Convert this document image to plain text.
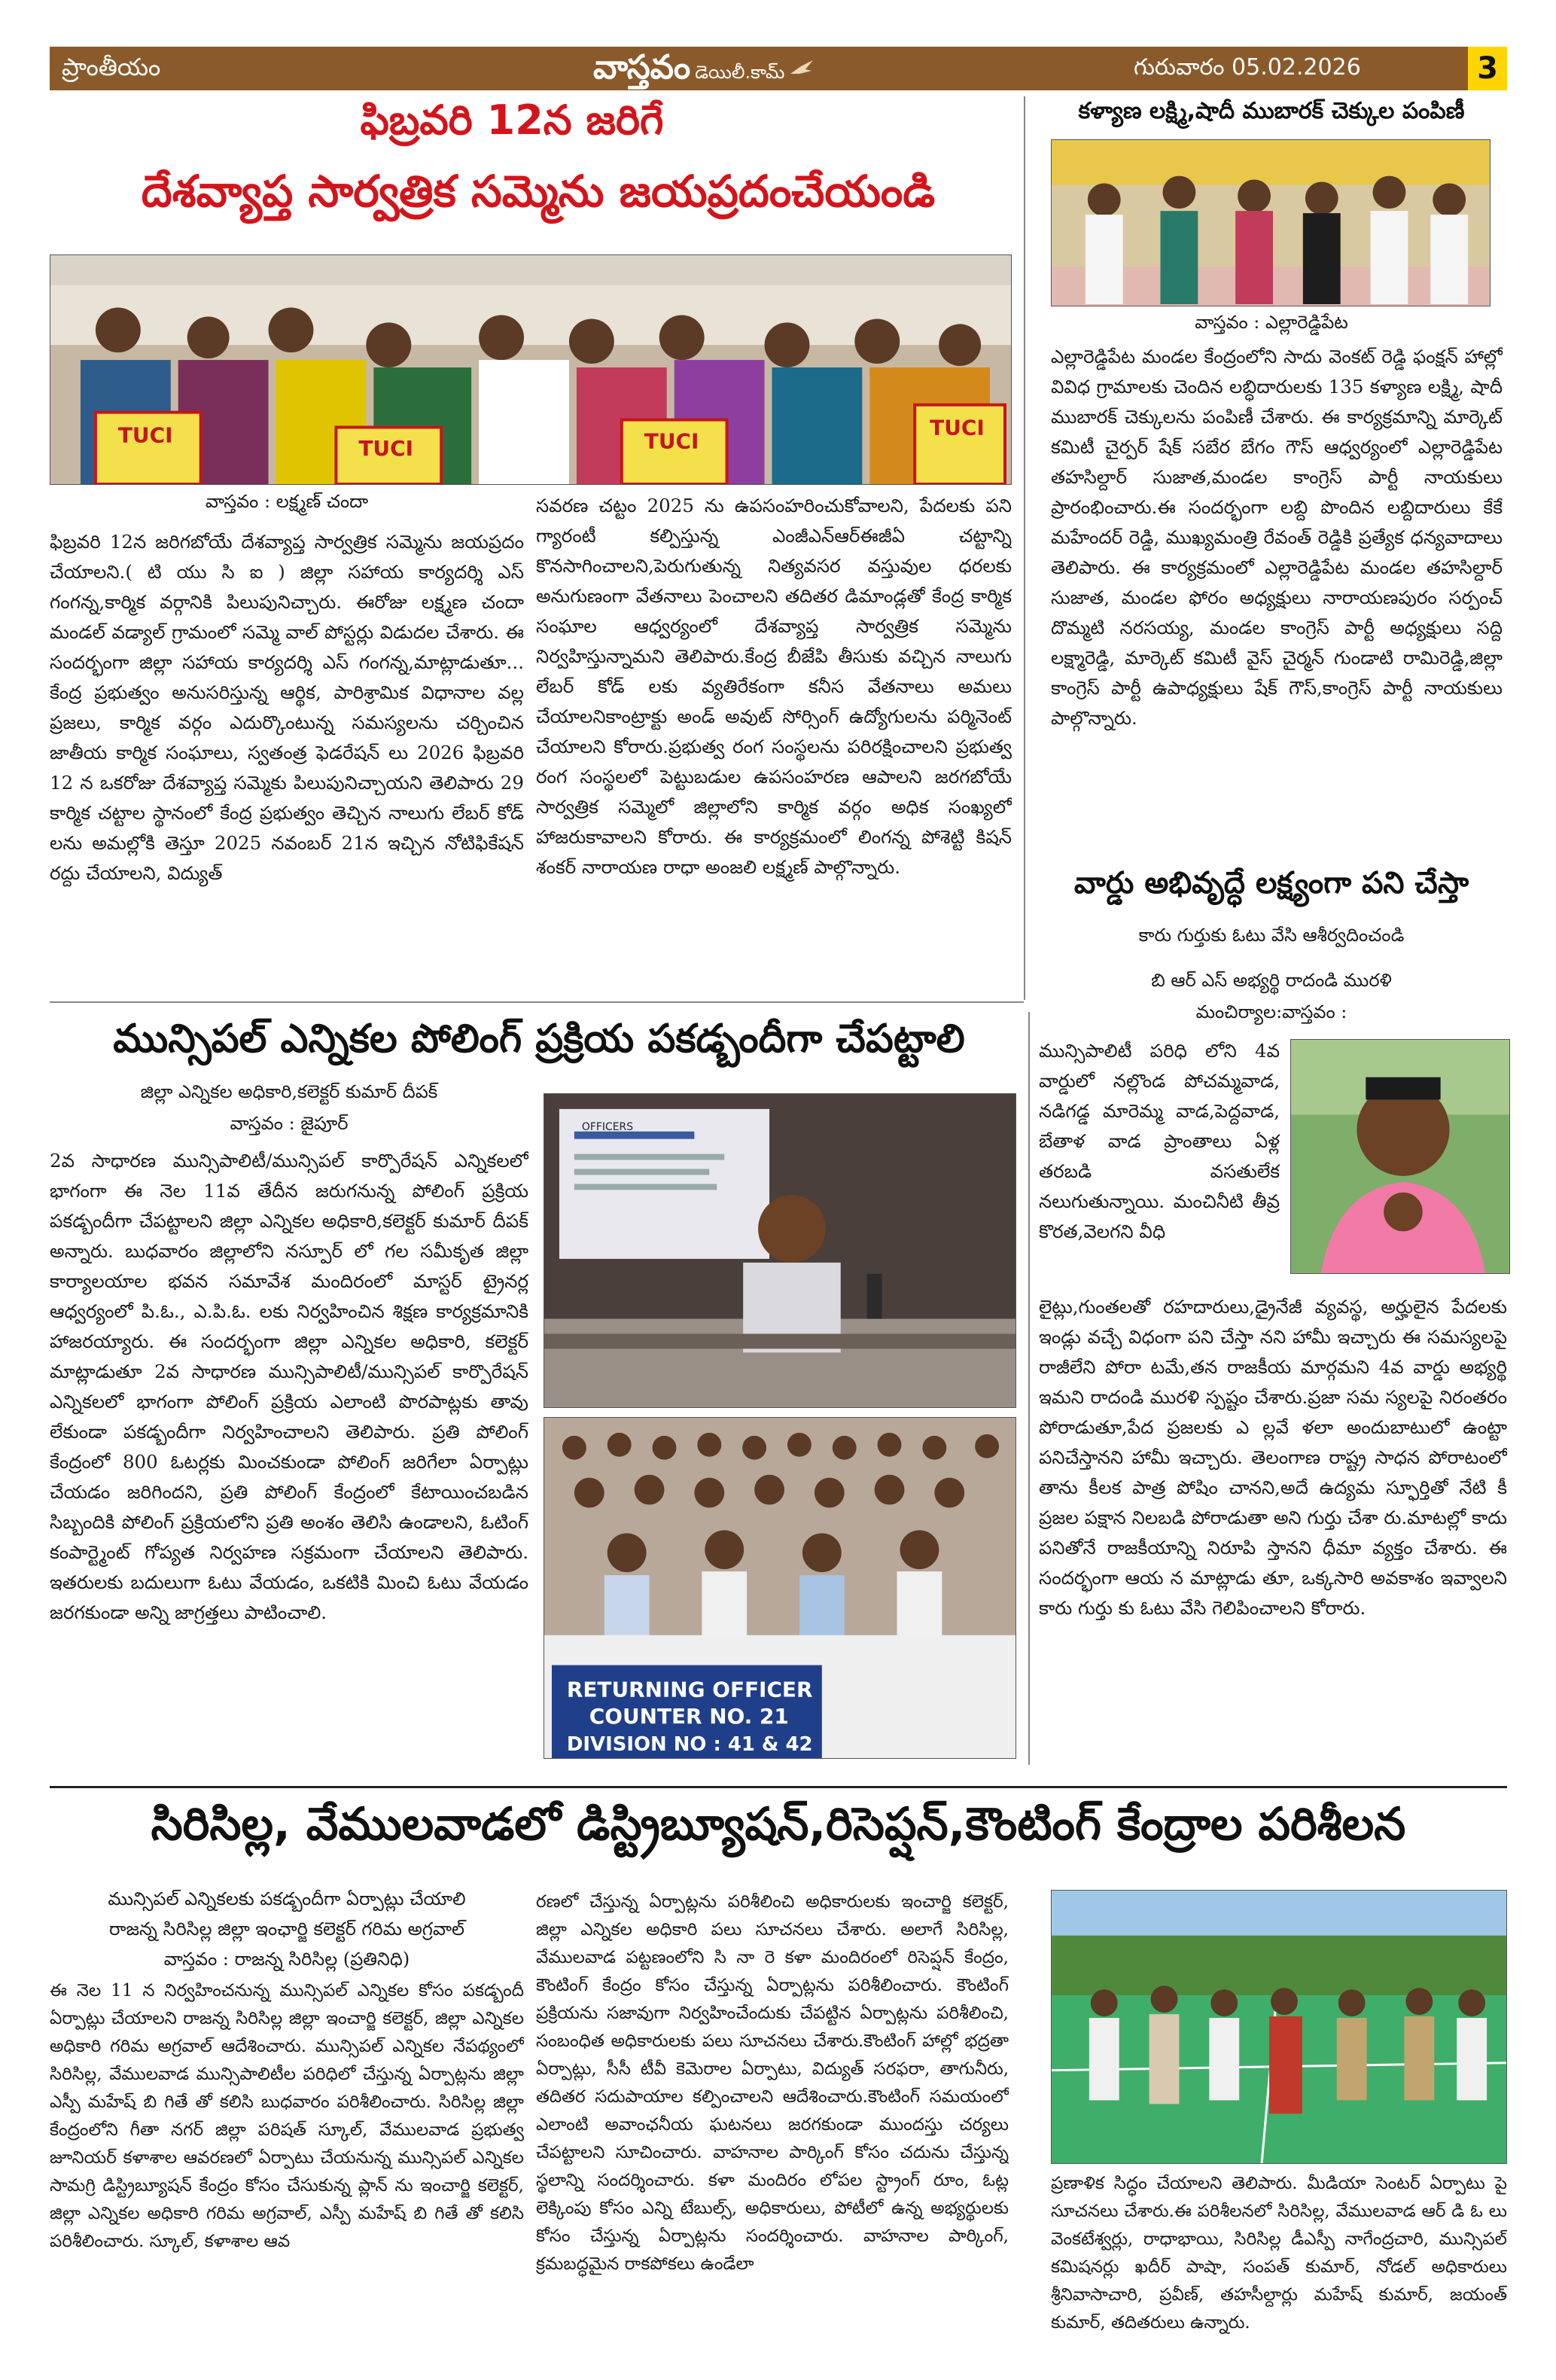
ప్రాంతీయం	వాస్తవం డెయిలీ.కామ్	గురువారం 05.02.2026	3
ఫిబ్రవరి 12న జరిగే
దేశవ్యాప్త సార్వత్రిక సమ్మెను జయప్రదంచేయండి
TUCI
TUCI	TUCI
TUCI
వాస్తవం : లక్ష్మణ్ చందా
ఫిబ్రవరి 12న జరిగబోయే దేశవ్యాప్త సార్వత్రిక సమ్మెను జయప్రదం చేయాలని.( టి యు సి ఐ ) జిల్లా సహాయ కార్యదర్శి ఎస్ గంగన్న,కార్మిక వర్గానికి పిలుపునిచ్చారు. ఈరోజు లక్ష్మణ చందా మండల్ వడ్యాల్ గ్రామంలో సమ్మె వాల్ పోస్టర్లు విడుదల చేశారు. ఈ సందర్భంగా జిల్లా సహాయ కార్యదర్శి ఎస్ గంగన్న,మాట్లాడుతూ... కేంద్ర ప్రభుత్వం అనుసరిస్తున్న ఆర్థిక, పారిశ్రామిక విధానాల వల్ల ప్రజలు, కార్మిక వర్గం ఎదుర్కొంటున్న సమస్యలను చర్చించిన జాతీయ కార్మిక సంఘాలు, స్వతంత్ర ఫెడరేషన్ లు 2026 ఫిబ్రవరి 12 న ఒకరోజు దేశవ్యాప్త సమ్మెకు పిలుపునిచ్చాయని తెలిపారు 29 కార్మిక చట్టాల స్థానంలో కేంద్ర ప్రభుత్వం తెచ్చిన నాలుగు లేబర్ కోడ్ లను అమల్లోకి తెస్తూ 2025 నవంబర్ 21న ఇచ్చిన నోటిఫికేషన్ రద్దు చేయాలని, విద్యుత్
సవరణ చట్టం 2025 ను ఉపసంహరించుకోవాలని, పేదలకు పని గ్యారంటీ కల్పిస్తున్న ఎంజీఎన్ఆర్ఈజీఏ చట్టాన్ని కొనసాగించాలని,పెరుగుతున్న నిత్యవసర వస్తువుల ధరలకు అనుగుణంగా వేతనాలు పెంచాలని తదితర డిమాండ్లతో కేంద్ర కార్మిక సంఘాల ఆధ్వర్యంలో దేశవ్యాప్త సార్వత్రిక సమ్మెను నిర్వహిస్తున్నామని తెలిపారు.కేంద్ర బీజేపి తీసుకు వచ్చిన నాలుగు లేబర్ కోడ్ లకు వ్యతిరేకంగా కనీస వేతనాలు అమలు చేయాలనికాంట్రాక్టు అండ్ అవుట్ సోర్సింగ్ ఉద్యోగులను పర్మినెంట్ చేయాలని కోరారు.ప్రభుత్వ రంగ సంస్థలను పరిరక్షించాలని ప్రభుత్వ రంగ సంస్థలలో పెట్టుబడుల ఉపసంహరణ ఆపాలని జరగబోయే సార్వత్రిక సమ్మెలో జిల్లాలోని కార్మిక వర్గం అధిక సంఖ్యలో హాజరుకావాలని కోరారు. ఈ కార్యక్రమంలో లింగన్న పోశెట్టి కిషన్ శంకర్ నారాయణ రాధా అంజలి లక్ష్మణ్ పాల్గొన్నారు.
కళ్యాణ లక్ష్మి,షాదీ ముబారక్ చెక్కుల పంపిణీ
వాస్తవం : ఎల్లారెడ్డిపేట
ఎల్లారెడ్డిపేట మండల కేంద్రంలోని సాదు వెంకట్ రెడ్డి ఫంక్షన్ హాల్లో వివిధ గ్రామాలకు చెందిన లబ్ధిదారులకు 135 కళ్యాణ లక్ష్మి, షాదీ ముబారక్ చెక్కులను పంపిణీ చేశారు. ఈ కార్యక్రమాన్ని మార్కెట్ కమిటీ చైర్పర్ షేక్ సబేర బేగం గౌస్ ఆధ్వర్యంలో ఎల్లారెడ్డిపేట తహసిల్దార్ సుజాత,మండల కాంగ్రెస్ పార్టీ నాయకులు ప్రారంభించారు.ఈ సందర్భంగా లబ్ది పొందిన లబ్దిదారులు కేకే మహేందర్ రెడ్డి, ముఖ్యమంత్రి రేవంత్ రెడ్డికి ప్రత్యేక ధన్యవాదాలు తెలిపారు. ఈ కార్యక్రమంలో ఎల్లారెడ్డిపేట మండల తహసిల్దార్ సుజాత, మండల ఫోరం అధ్యక్షులు నారాయణపురం సర్పంచ్ దొమ్మటి నరసయ్య, మండల కాంగ్రెస్ పార్టీ అధ్యక్షులు సద్ది లక్ష్మారెడ్డి, మార్కెట్ కమిటీ వైస్ చైర్మన్ గుండాటి రామిరెడ్డి,జిల్లా కాంగ్రెస్ పార్టీ ఉపాధ్యక్షులు షేక్ గౌస్,కాంగ్రెస్ పార్టీ నాయకులు పాల్గొన్నారు.
వార్డు అభివృద్ధే లక్ష్యంగా పని చేస్తా
కారు గుర్తుకు ఓటు వేసి ఆశీర్వదించండి
బి ఆర్ ఎస్ అభ్యర్థి రాదండి మురళి
మంచిర్యాల:వాస్తవం :
మున్సిపాలిటీ పరిధి లోని 4వ వార్డులో నల్లొండ పోచమ్మవాడ, నడిగడ్డ మారెమ్మ వాడ,పెద్దవాడ, బేతాళ వాడ ప్రాంతాలు ఏళ్ల తరబడి వసతులేక నలుగుతున్నాయి. మంచినీటి తీవ్ర కొరత,వెలగని వీధి
లైట్లు,గుంతలతో రహదారులు,డ్రైనేజీ వ్యవస్థ, అర్హులైన పేదలకు ఇండ్లు వచ్చే విధంగా పని చేస్తా నని హామీ ఇచ్చారు ఈ సమస్యలపై రాజీలేని పోరా టమే,తన రాజకీయ మార్గమని 4వ వార్డు అభ్యర్థి ఇమని రాదండి మురళి స్పష్టం చేశారు.ప్రజా సమ స్యలపై నిరంతరం పోరాడుతూ,పేద ప్రజలకు ఎ ల్లవే ళలా అందుబాటులో ఉంట్టా పనిచేస్తానని హామీ ఇచ్చారు. తెలంగాణ రాష్ట్ర సాధన పోరాటంలో తాను కీలక పాత్ర పోషిం చానని,అదే ఉద్యమ స్ఫూర్తితో నేటి కీ ప్రజల పక్షాన నిలబడి పోరాడుతా అని గుర్తు చేశా రు.మాటల్లో కాదు పనితోనే రాజకీయాన్ని నిరూపి స్తానని ధీమా వ్యక్తం చేశారు. ఈ సందర్భంగా ఆయ న మాట్లాడు తూ, ఒక్కసారి అవకాశం ఇవ్వాలని కారు గుర్తు కు ఓటు వేసి గెలిపించాలని కోరారు.
మున్సిపల్ ఎన్నికల పోలింగ్ ప్రక్రియ పకడ్బందీగా చేపట్టాలి
జిల్లా ఎన్నికల అధికారి,కలెక్టర్ కుమార్ దీపక్
వాస్తవం : జైపూర్
2వ సాధారణ మున్సిపాలిటీ/మున్సిపల్ కార్పొరేషన్ ఎన్నికలలో భాగంగా ఈ నెల 11వ తేదీన జరుగనున్న పోలింగ్ ప్రక్రియ పకడ్బందీగా చేపట్టాలని జిల్లా ఎన్నికల అధికారి,కలెక్టర్ కుమార్ దీపక్ అన్నారు. బుధవారం జిల్లాలోని నస్పూర్ లో గల సమీకృత జిల్లా కార్యాలయాల భవన సమావేశ మందిరంలో మాస్టర్ ట్రైనర్ల ఆధ్వర్యంలో పి.ఓ., ఎ.పి.ఓ. లకు నిర్వహించిన శిక్షణ కార్యక్రమానికి హాజరయ్యారు. ఈ సందర్భంగా జిల్లా ఎన్నికల అధికారి, కలెక్టర్ మాట్లాడుతూ 2వ సాధారణ మున్సిపాలిటీ/మున్సిపల్ కార్పొరేషన్ ఎన్నికలలో భాగంగా పోలింగ్ ప్రక్రియ ఎలాంటి పొరపాట్లకు తావు లేకుండా పకడ్బందీగా నిర్వహించాలని తెలిపారు. ప్రతి పోలింగ్ కేంద్రంలో 800 ఓటర్లకు మించకుండా పోలింగ్ జరిగేలా ఏర్పాట్లు చేయడం జరిగిందని, ప్రతి పోలింగ్ కేంద్రంలో కేటాయించబడిన సిబ్బందికి పోలింగ్ ప్రక్రియలోని ప్రతి అంశం తెలిసి ఉండాలని, ఓటింగ్ కంపార్ట్మెంట్ గోప్యత నిర్వహణ సక్రమంగా చేయాలని తెలిపారు. ఇతరులకు బదులుగా ఓటు వేయడం, ఒకటికి మించి ఓటు వేయడం జరగకుండా అన్ని జాగ్రత్తలు పాటించాలి.
OFFICERS
RETURNING OFFICER
COUNTER NO. 21
DIVISION NO : 41 & 42
సిరిసిల్ల, వేములవాడలో డిస్ట్రిబ్యూషన్,రిసెప్షన్,కౌంటింగ్ కేంద్రాల పరిశీలన
మున్సిపల్ ఎన్నికలకు పకడ్బందీగా ఏర్పాట్లు చేయాలి
రాజన్న సిరిసిల్ల జిల్లా ఇంఛార్జి కలెక్టర్ గరిమ అగ్రవాల్
వాస్తవం : రాజన్న సిరిసిల్ల (ప్రతినిధి)
ఈ నెల 11 న నిర్వహించనున్న మున్సిపల్ ఎన్నికల కోసం పకడ్బందీ ఏర్పాట్లు చేయాలని రాజన్న సిరిసిల్ల జిల్లా ఇంచార్జి కలెక్టర్, జిల్లా ఎన్నికల అధికారి గరిమ అగ్రవాల్ ఆదేశించారు. మున్సిపల్ ఎన్నికల నేపథ్యంలో సిరిసిల్ల, వేములవాడ మున్సిపాలిటీల పరిధిలో చేస్తున్న ఏర్పాట్లను జిల్లా ఎస్పీ మహేష్ బి గితే తో కలిసి బుధవారం పరిశీలించారు. సిరిసిల్ల జిల్లా కేంద్రంలోని గీతా నగర్ జిల్లా పరిషత్ స్కూల్, వేములవాడ ప్రభుత్వ జూనియర్ కళాశాల ఆవరణలో ఏర్పాటు చేయనున్న మున్సిపల్ ఎన్నికల సామగ్రి డిస్ట్రిబ్యూషన్ కేంద్రం కోసం చేసుకున్న ప్లాన్ ను ఇంచార్జి కలెక్టర్, జిల్లా ఎన్నికల అధికారి గరిమ అగ్రవాల్, ఎస్పీ మహేష్ బి గితే తో కలిసి పరిశీలించారు. స్కూల్, కళాశాల ఆవ
రణలో చేస్తున్న ఏర్పాట్లను పరిశీలించి అధికారులకు ఇంచార్జి కలెక్టర్, జిల్లా ఎన్నికల అధికారి పలు సూచనలు చేశారు. అలాగే సిరిసిల్ల, వేములవాడ పట్టణంలోని సి నా రె కళా మందిరంలో రిసెప్షన్ కేంద్రం, కౌంటింగ్ కేంద్రం కోసం చేస్తున్న ఏర్పాట్లను పరిశీలించారు. కౌంటింగ్ ప్రక్రియను సజావుగా నిర్వహించేందుకు చేపట్టిన ఏర్పాట్లను పరిశీలించి, సంబంధిత అధికారులకు పలు సూచనలు చేశారు.కౌంటింగ్ హాల్లో భద్రతా ఏర్పాట్లు, సీసీ టీవీ కెమెరాల ఏర్పాటు, విద్యుత్ సరఫరా, తాగునీరు, తదితర సదుపాయాల కల్పించాలని ఆదేశించారు.కౌంటింగ్ సమయంలో ఎలాంటి అవాంఛనీయ ఘటనలు జరగకుండా ముందస్తు చర్యలు చేపట్టాలని సూచించారు. వాహనాల పార్కింగ్ కోసం చదును చేస్తున్న స్థలాన్ని సందర్శించారు. కళా మందిరం లోపల స్ట్రాంగ్ రూం, ఓట్ల లెక్కింపు కోసం ఎన్ని టేబుల్స్, అధికారులు, పోటీలో ఉన్న అభ్యర్థులకు కోసం చేస్తున్న ఏర్పాట్లను సందర్శించారు. వాహనాల పార్కింగ్, క్రమబద్ధమైన రాకపోకలు ఉండేలా
ప్రణాళిక సిద్ధం చేయాలని తెలిపారు. మీడియా సెంటర్ ఏర్పాటు పై సూచనలు చేశారు.ఈ పరిశీలనలో సిరిసిల్ల, వేములవాడ ఆర్ డి ఓ లు వెంకటేశ్వర్లు, రాధాభాయి, సిరిసిల్ల డీఎస్పీ నాగేంద్రచారి, మున్సిపల్ కమిషనర్లు ఖదీర్ పాషా, సంపత్ కుమార్, నోడల్ అధికారులు శ్రీనివాసాచారి, ప్రవీణ్, తహసీల్దార్లు మహేష్ కుమార్, జయంత్ కుమార్, తదితరులు ఉన్నారు.
